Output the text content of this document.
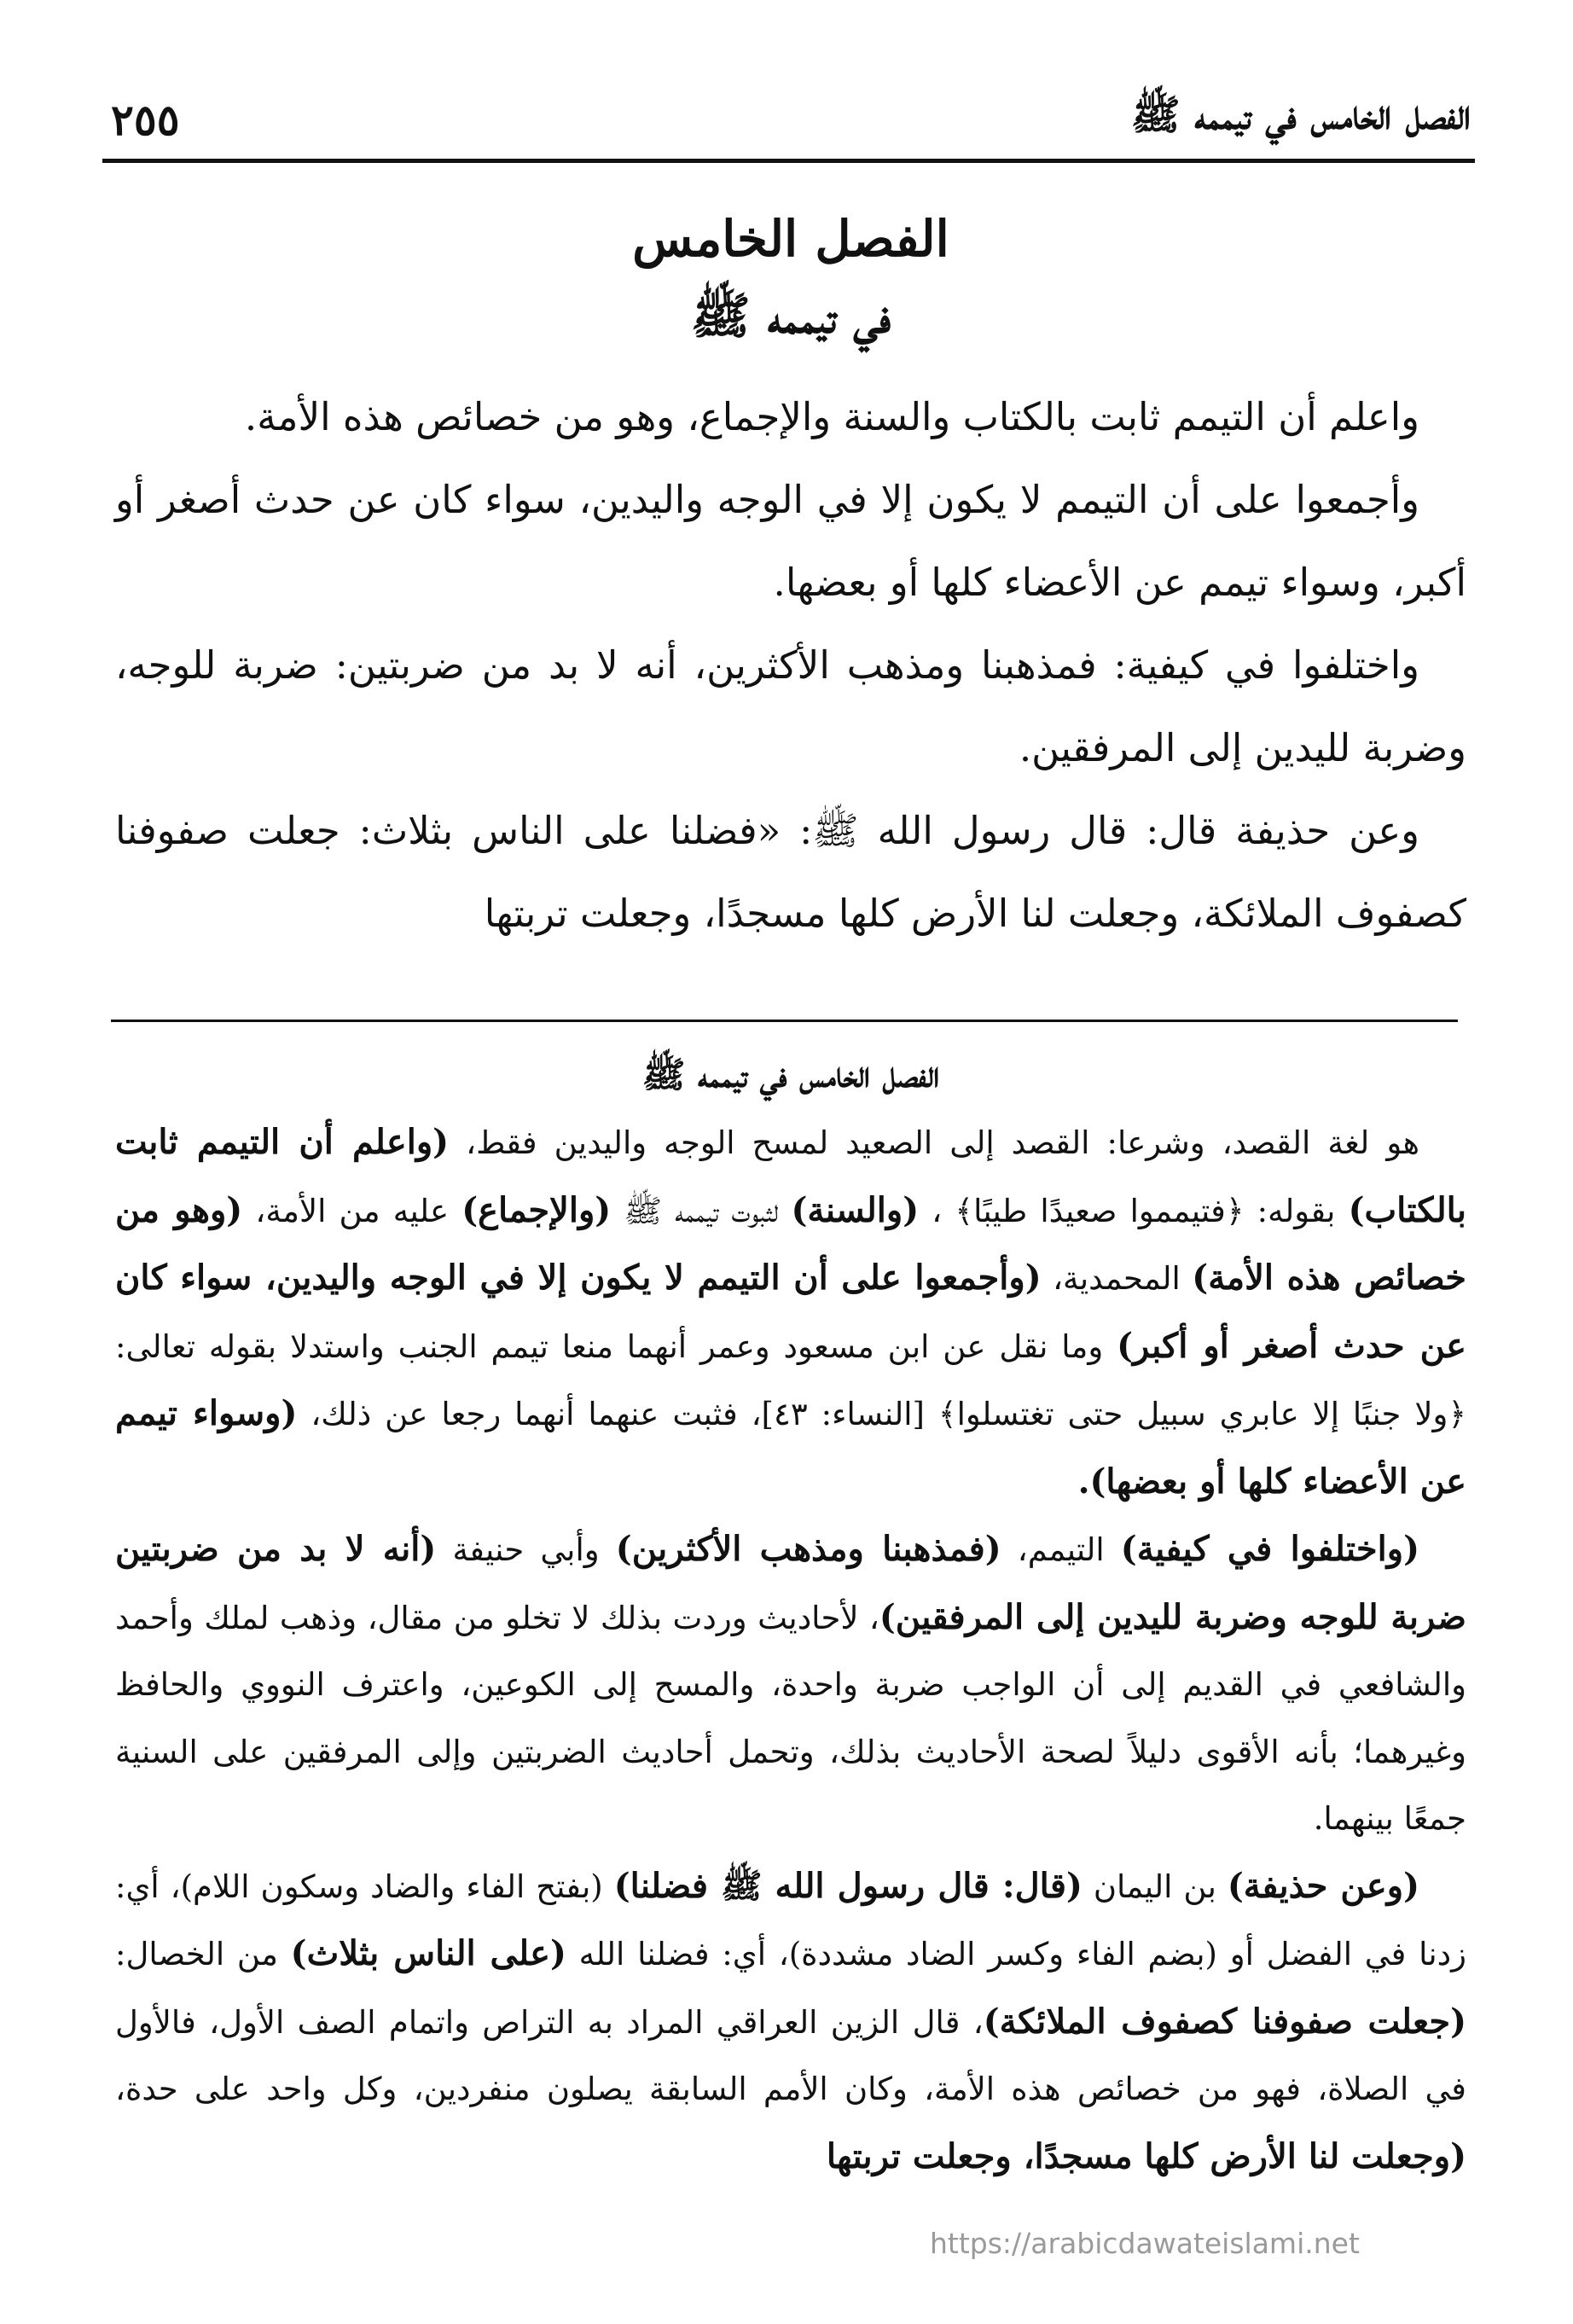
الفصل الخامس في تيممه ﷺ
٢٥٥
الفصل الخامس
في تيممه ﷺ

واعلم أن التيمم ثابت بالكتاب والسنة والإجماع، وهو من خصائص هذه الأمة.

وأجمعوا على أن التيمم لا يكون إلا في الوجه واليدين، سواء كان عن حدث أصغر أو أكبر، وسواء تيمم عن الأعضاء كلها أو بعضها.

واختلفوا في كيفية: فمذهبنا ومذهب الأكثرين، أنه لا بد من ضربتين: ضربة للوجه، وضربة لليدين إلى المرفقين.

وعن حذيفة قال: قال رسول الله ﷺ: «فضلنا على الناس بثلاث: جعلت صفوفنا كصفوف الملائكة، وجعلت لنا الأرض كلها مسجدًا، وجعلت تربتها

الفصل الخامس في تيممه ﷺ

هو لغة القصد، وشرعا: القصد إلى الصعيد لمسح الوجه واليدين فقط، (واعلم أن التيمم ثابت بالكتاب) بقوله: ﴿فتيمموا صعيدًا طيبًا﴾ ، (والسنة) لثبوت تيممه ﷺ (والإجماع) عليه من الأمة، (وهو من خصائص هذه الأمة) المحمدية، (وأجمعوا على أن التيمم لا يكون إلا في الوجه واليدين، سواء كان عن حدث أصغر أو أكبر) وما نقل عن ابن مسعود وعمر أنهما منعا تيمم الجنب واستدلا بقوله تعالى: ﴿ولا جنبًا إلا عابري سبيل حتى تغتسلوا﴾ [النساء: ٤٣]، فثبت عنهما أنهما رجعا عن ذلك، (وسواء تيمم عن الأعضاء كلها أو بعضها).

(واختلفوا في كيفية) التيمم، (فمذهبنا ومذهب الأكثرين) وأبي حنيفة (أنه لا بد من ضربتين ضربة للوجه وضربة لليدين إلى المرفقين)، لأحاديث وردت بذلك لا تخلو من مقال، وذهب لملك وأحمد والشافعي في القديم إلى أن الواجب ضربة واحدة، والمسح إلى الكوعين، واعترف النووي والحافظ وغيرهما؛ بأنه الأقوى دليلاً لصحة الأحاديث بذلك، وتحمل أحاديث الضربتين وإلى المرفقين على السنية جمعًا بينهما.

(وعن حذيفة) بن اليمان (قال: قال رسول الله ﷺ فضلنا) (بفتح الفاء والضاد وسكون اللام)، أي: زدنا في الفضل أو (بضم الفاء وكسر الضاد مشددة)، أي: فضلنا الله (على الناس بثلاث) من الخصال: (جعلت صفوفنا كصفوف الملائكة)، قال الزين العراقي المراد به التراص واتمام الصف الأول، فالأول في الصلاة، فهو من خصائص هذه الأمة، وكان الأمم السابقة يصلون منفردين، وكل واحد على حدة، (وجعلت لنا الأرض كلها مسجدًا، وجعلت تربتها

https://arabicdawateislami.net
